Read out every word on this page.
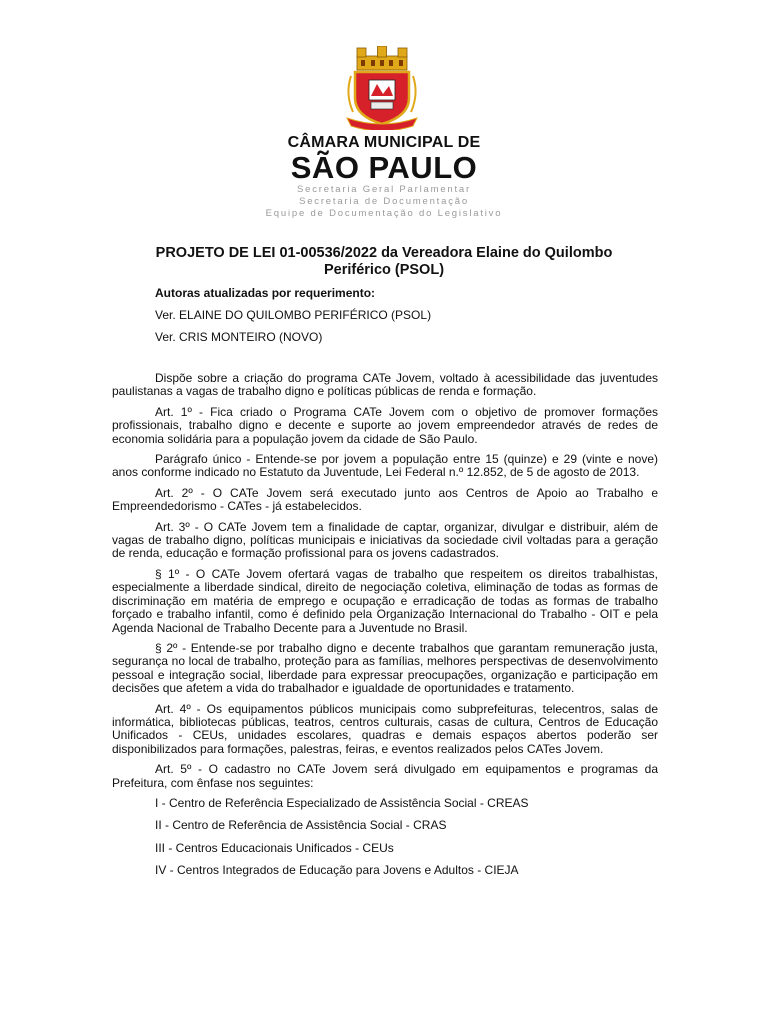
CÂMARA MUNICIPAL DE
SÃO PAULO
Secretaria Geral Parlamentar
Secretaria de Documentação
Equipe de Documentação do Legislativo
PROJETO DE LEI 01-00536/2022 da Vereadora Elaine do Quilombo Periférico (PSOL)
Autoras atualizadas por requerimento:
Ver. ELAINE DO QUILOMBO PERIFÉRICO (PSOL)
Ver. CRIS MONTEIRO (NOVO)

Dispõe sobre a criação do programa CATe Jovem, voltado à acessibilidade das juventudes paulistanas a vagas de trabalho digno e políticas públicas de renda e formação.

Art. 1º - Fica criado o Programa CATe Jovem com o objetivo de promover formações profissionais, trabalho digno e decente e suporte ao jovem empreendedor através de redes de economia solidária para a população jovem da cidade de São Paulo.

Parágrafo único - Entende-se por jovem a população entre 15 (quinze) e 29 (vinte e nove) anos conforme indicado no Estatuto da Juventude, Lei Federal n.º 12.852, de 5 de agosto de 2013.

Art. 2º - O CATe Jovem será executado junto aos Centros de Apoio ao Trabalho e Empreendedorismo - CATes - já estabelecidos.

Art. 3º - O CATe Jovem tem a finalidade de captar, organizar, divulgar e distribuir, além de vagas de trabalho digno, políticas municipais e iniciativas da sociedade civil voltadas para a geração de renda, educação e formação profissional para os jovens cadastrados.

§ 1º - O CATe Jovem ofertará vagas de trabalho que respeitem os direitos trabalhistas, especialmente a liberdade sindical, direito de negociação coletiva, eliminação de todas as formas de discriminação em matéria de emprego e ocupação e erradicação de todas as formas de trabalho forçado e trabalho infantil, como é definido pela Organização Internacional do Trabalho - OIT e pela Agenda Nacional de Trabalho Decente para a Juventude no Brasil.

§ 2º - Entende-se por trabalho digno e decente trabalhos que garantam remuneração justa, segurança no local de trabalho, proteção para as famílias, melhores perspectivas de desenvolvimento pessoal e integração social, liberdade para expressar preocupações, organização e participação em decisões que afetem a vida do trabalhador e igualdade de oportunidades e tratamento.

Art. 4º - Os equipamentos públicos municipais como subprefeituras, telecentros, salas de informática, bibliotecas públicas, teatros, centros culturais, casas de cultura, Centros de Educação Unificados - CEUs, unidades escolares, quadras e demais espaços abertos poderão ser disponibilizados para formações, palestras, feiras, e eventos realizados pelos CATes Jovem.

Art. 5º - O cadastro no CATe Jovem será divulgado em equipamentos e programas da Prefeitura, com ênfase nos seguintes:

I - Centro de Referência Especializado de Assistência Social - CREAS

II - Centro de Referência de Assistência Social - CRAS

III - Centros Educacionais Unificados - CEUs

IV - Centros Integrados de Educação para Jovens e Adultos - CIEJA
